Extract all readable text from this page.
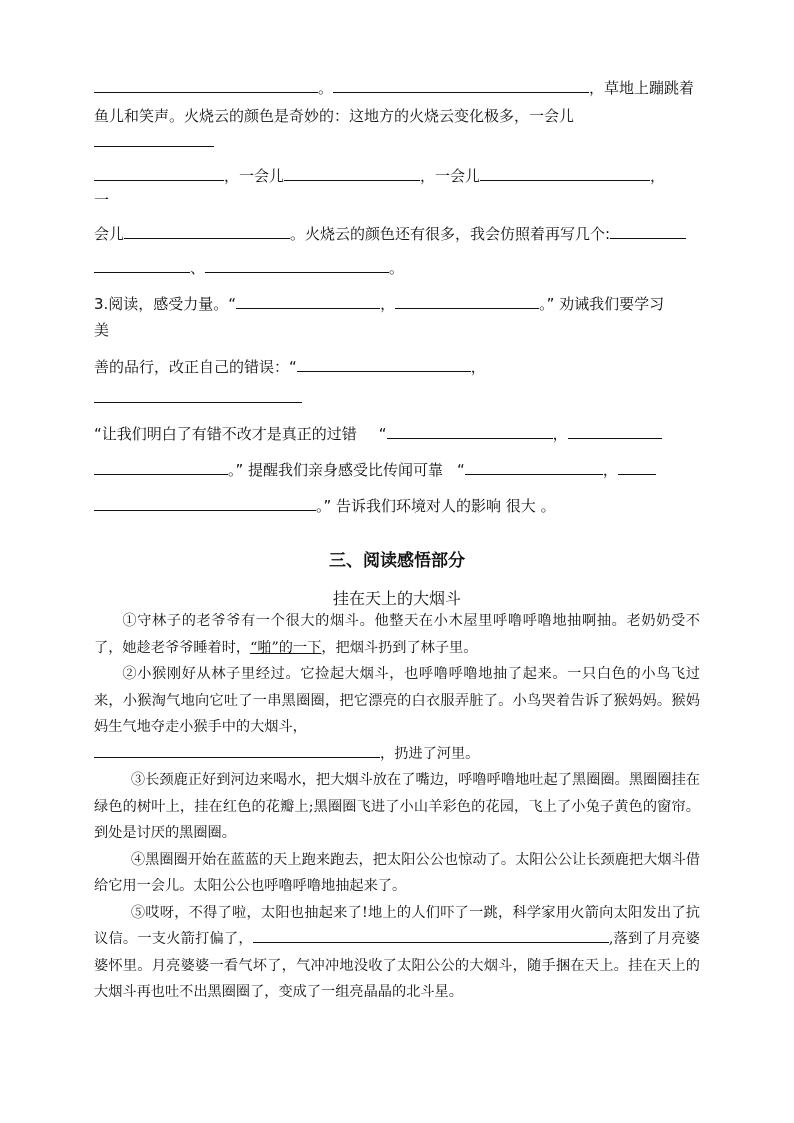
。	，草地上蹦跳着
鱼儿和笑声。火烧云的颜色是奇妙的：这地方的火烧云变化极多，一会儿
，一会儿	，一会儿	，
一
会儿	。火烧云的颜色还有很多，我会仿照着再写几个:
、	。
3.阅读，感受力量。“	，	。” 劝诫我们要学习
美
善的品行，改正自己的错误：“	，
“让我们明白了有错不改才是真正的过错 “	，
。” 提醒我们亲身感受比传闻可靠 “	，
。” 告诉我们环境对人的影响 很大 。
三、阅读感悟部分
挂在天上的大烟斗

①守林子的老爷爷有一个很大的烟斗。他整天在小木屋里呼噜呼噜地抽啊抽。老奶奶受不了，她趁老爷爷睡着时，“啪”的一下，把烟斗扔到了林子里。

②小猴刚好从林子里经过。它捡起大烟斗，也呼噜呼噜地抽了起来。一只白色的小鸟飞过来，小猴淘气地向它吐了一串黑圈圈，把它漂亮的白衣服弄脏了。小鸟哭着告诉了猴妈妈。猴妈妈生气地夺走小猴手中的大烟斗，
，扔进了河里。

③长颈鹿正好到河边来喝水，把大烟斗放在了嘴边，呼噜呼噜地吐起了黑圈圈。黑圈圈挂在绿色的树叶上，挂在红色的花瓣上;黑圈圈飞进了小山羊彩色的花园，飞上了小兔子黄色的窗帘。到处是讨厌的黑圈圈。

④黑圈圈开始在蓝蓝的天上跑来跑去，把太阳公公也惊动了。太阳公公让长颈鹿把大烟斗借给它用一会儿。太阳公公也呼噜呼噜地抽起来了。

⑤哎呀，不得了啦，太阳也抽起来了!地上的人们吓了一跳，科学家用火箭向太阳发出了抗议信。一支火箭打偏了，	,落到了月亮婆婆怀里。月亮婆婆一看气坏了，气冲冲地没收了太阳公公的大烟斗，随手捆在天上。挂在天上的大烟斗再也吐不出黑圈圈了，变成了一组亮晶晶的北斗星。
